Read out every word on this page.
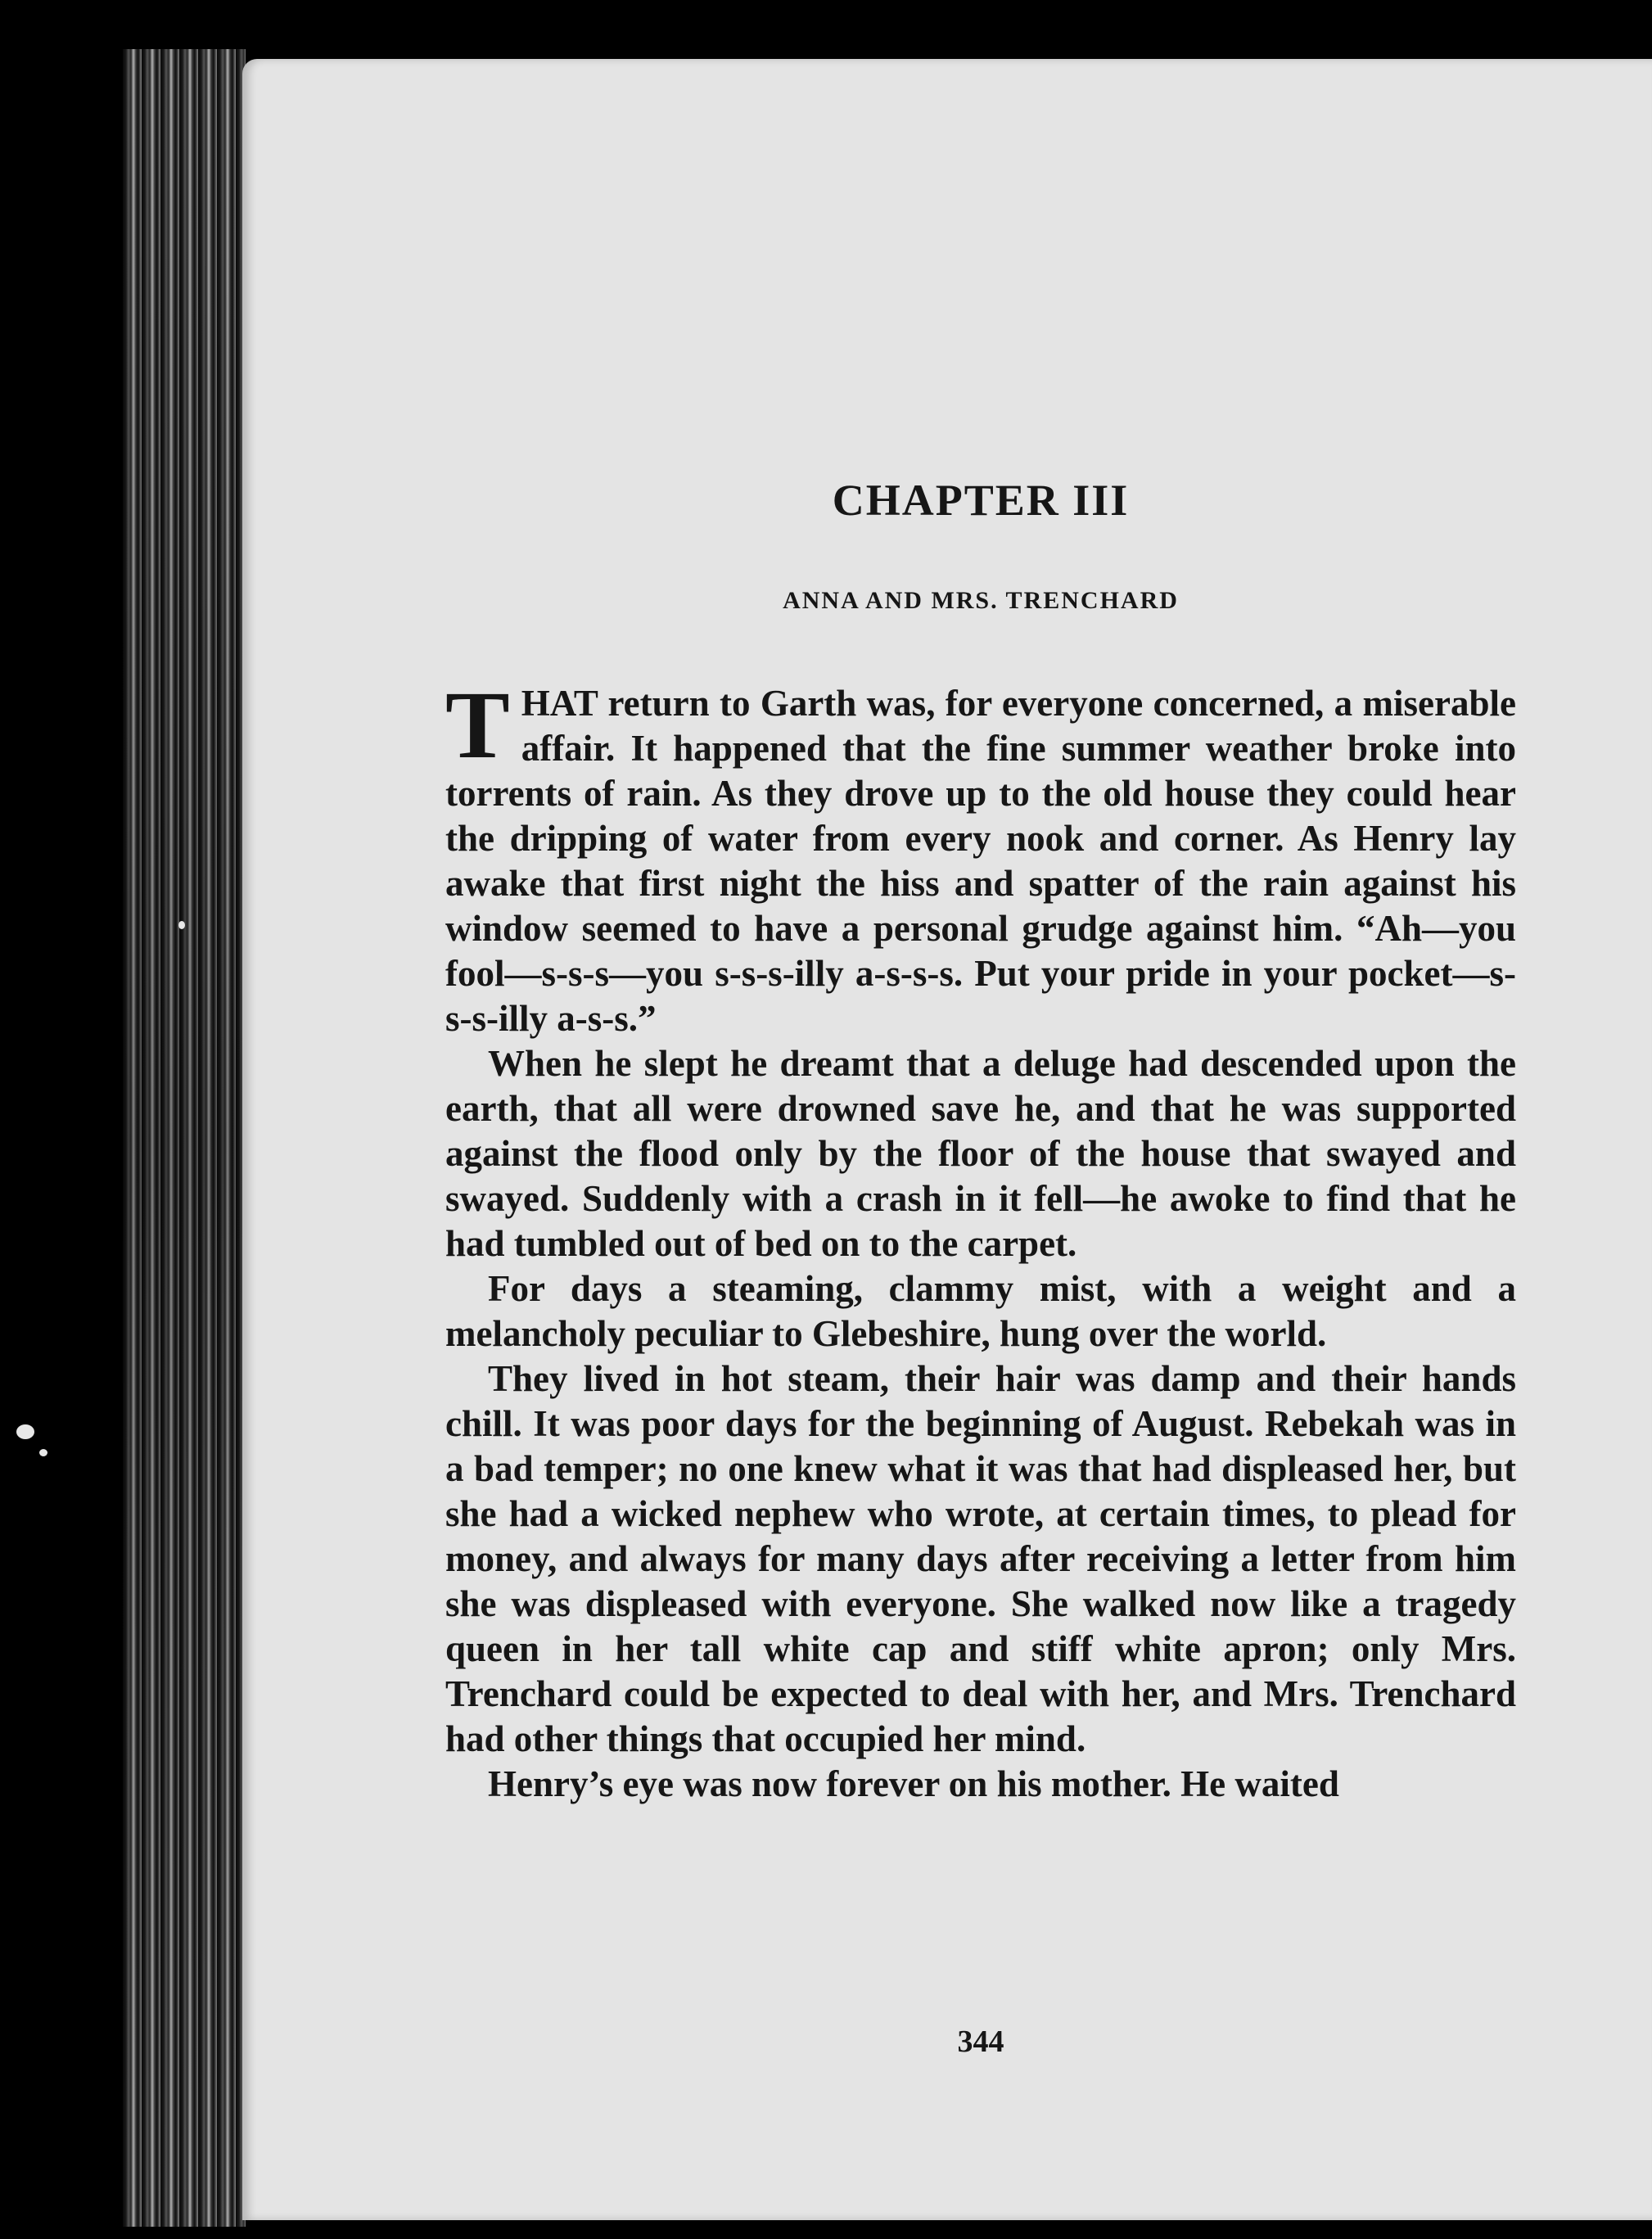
CHAPTER III
ANNA AND MRS. TRENCHARD

THAT return to Garth was, for everyone concerned, a miserable affair. It happened that the fine summer weather broke into torrents of rain. As they drove up to the old house they could hear the dripping of water from every nook and corner. As Henry lay awake that first night the hiss and spatter of the rain against his window seemed to have a personal grudge against him. “Ah—you fool—s-s-s—you s-s-s-illy a-s-s-s. Put your pride in your pocket—s-s-s-illy a-s-s.”

When he slept he dreamt that a deluge had descended upon the earth, that all were drowned save he, and that he was supported against the flood only by the floor of the house that swayed and swayed. Suddenly with a crash in it fell—he awoke to find that he had tumbled out of bed on to the carpet.

For days a steaming, clammy mist, with a weight and a melancholy peculiar to Glebeshire, hung over the world.

They lived in hot steam, their hair was damp and their hands chill. It was poor days for the beginning of August. Rebekah was in a bad temper; no one knew what it was that had displeased her, but she had a wicked nephew who wrote, at certain times, to plead for money, and always for many days after receiving a letter from him she was displeased with everyone. She walked now like a tragedy queen in her tall white cap and stiff white apron; only Mrs. Trenchard could be expected to deal with her, and Mrs. Trenchard had other things that occupied her mind.

Henry’s eye was now forever on his mother. He waited

344
